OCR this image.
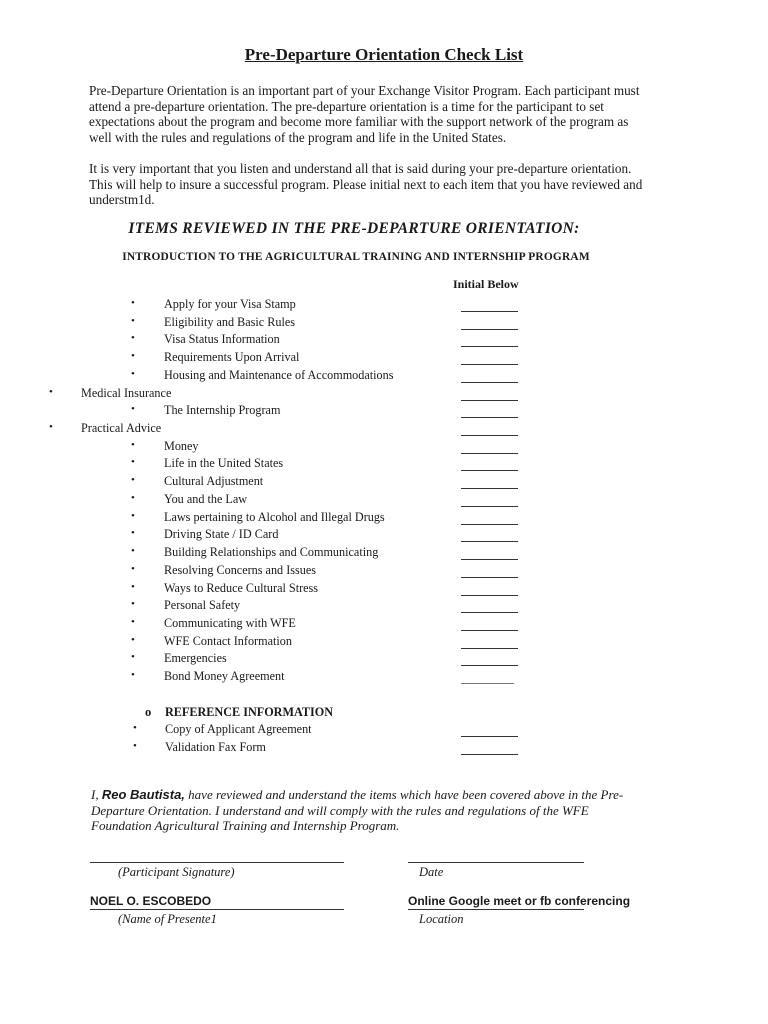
Pre-Departure Orientation Check List
Pre-Departure Orientation is an important part of your Exchange Visitor Program. Each participant must attend a pre-departure orientation. The pre-departure orientation is a time for the participant to set expectations about the program and become more familiar with the support network of the program as well with the rules and regulations of the program and life in the United States.
It is very important that you listen and understand all that is said during your pre-departure orientation. This will help to insure a successful program. Please initial next to each item that you have reviewed and understm1d.
ITEMS REVIEWED IN THE PRE-DEPARTURE ORIENTATION:
INTRODUCTION TO THE AGRICULTURAL TRAINING AND INTERNSHIP PROGRAM
Initial Below
• Apply for your Visa Stamp
• Eligibility and Basic Rules
• Visa Status Information
• Requirements Upon Arrival
• Housing and Maintenance of Accommodations
• Medical Insurance
• The Internship Program
• Practical Advice
• Money
• Life in the United States
• Cultural Adjustment
• You and the Law
• Laws pertaining to Alcohol and Illegal Drugs
• Driving State / ID Card
• Building Relationships and Communicating
• Resolving Concerns and Issues
• Ways to Reduce Cultural Stress
• Personal Safety
• Communicating with WFE
• WFE Contact Information
• Emergencies
• Bond Money Agreement
o REFERENCE INFORMATION
• Copy of Applicant Agreement
• Validation Fax Form
I, Reo Bautista, have reviewed and understand the items which have been covered above in the Pre-Departure Orientation. I understand and will comply with the rules and regulations of the WFE Foundation Agricultural Training and Internship Program.
(Participant Signature)	Date
NOEL O. ESCOBEDO
(Name of Presente1
Online Google meet or fb conferencing
Location
